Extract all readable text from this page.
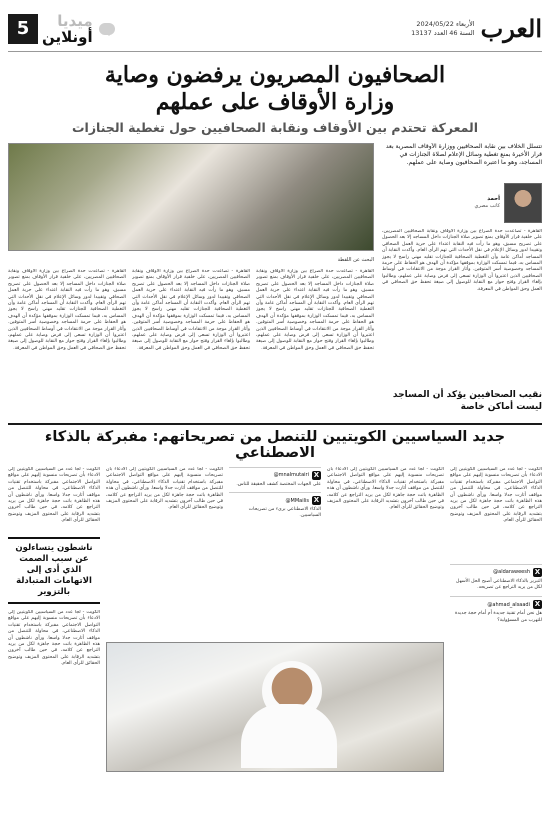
العرب
الأربعاء 2024/05/22
السنة 46 العدد 13137
ميديا
أونلاين
5
الصحافيون المصريون يرفضون وصاية
وزارة الأوقاف على عملهم
المعركة تحتدم بين الأوقاف ونقابة الصحافيين حول تغطية الجنازات
تتسلل الخلاف بين نقابة الصحافيين ووزارة الأوقاف المصرية بعد قرار الأخيرة بمنع تغطية وسائل الإعلام لصلاة الجنازات في المساجد، وهو ما اعتبره الصحافيون وصاية على عملهم.
أحمد
كاتب مصري
القاهرة - تصاعدت حدة الصراع بين وزارة الأوقاف ونقابة الصحافيين المصريين، على خلفية قرار الأوقاف بمنع تصوير صلاة الجنازات داخل المساجد إلا بعد الحصول على تصريح مسبق، وهو ما رأت فيه النقابة اعتداء على حرية العمل الصحافي وتقييدا لدور وسائل الإعلام في نقل الأحداث التي تهم الرأي العام. وأكدت النقابة أن المساجد أماكن عامة وأن التغطية الصحافية للجنازات تقليد مهني راسخ لا يجوز المساس به، فيما تمسكت الوزارة بموقفها مؤكدة أن الهدف هو الحفاظ على حرمة المساجد وخصوصية أسر المتوفين. وأثار القرار موجة من الانتقادات في أوساط الصحافيين الذين اعتبروا أن الوزارة تسعى إلى فرض وصاية على عملهم، وطالبوا بإلغاء القرار وفتح حوار مع النقابة للوصول إلى صيغة تحفظ حق الصحافي في العمل وحق المواطن في المعرفة.
نقيب الصحافيين يؤكد أن المساجد ليست أماكن خاصة
البحث عن اللقطة
القاهرة - تصاعدت حدة الصراع بين وزارة الأوقاف ونقابة الصحافيين المصريين، على خلفية قرار الأوقاف بمنع تصوير صلاة الجنازات داخل المساجد إلا بعد الحصول على تصريح مسبق، وهو ما رأت فيه النقابة اعتداء على حرية العمل الصحافي وتقييدا لدور وسائل الإعلام في نقل الأحداث التي تهم الرأي العام. وأكدت النقابة أن المساجد أماكن عامة وأن التغطية الصحافية للجنازات تقليد مهني راسخ لا يجوز المساس به، فيما تمسكت الوزارة بموقفها مؤكدة أن الهدف هو الحفاظ على حرمة المساجد وخصوصية أسر المتوفين. وأثار القرار موجة من الانتقادات في أوساط الصحافيين الذين اعتبروا أن الوزارة تسعى إلى فرض وصاية على عملهم، وطالبوا بإلغاء القرار وفتح حوار مع النقابة للوصول إلى صيغة تحفظ حق الصحافي في العمل وحق المواطن في المعرفة.
القاهرة - تصاعدت حدة الصراع بين وزارة الأوقاف ونقابة الصحافيين المصريين، على خلفية قرار الأوقاف بمنع تصوير صلاة الجنازات داخل المساجد إلا بعد الحصول على تصريح مسبق، وهو ما رأت فيه النقابة اعتداء على حرية العمل الصحافي وتقييدا لدور وسائل الإعلام في نقل الأحداث التي تهم الرأي العام. وأكدت النقابة أن المساجد أماكن عامة وأن التغطية الصحافية للجنازات تقليد مهني راسخ لا يجوز المساس به، فيما تمسكت الوزارة بموقفها مؤكدة أن الهدف هو الحفاظ على حرمة المساجد وخصوصية أسر المتوفين. وأثار القرار موجة من الانتقادات في أوساط الصحافيين الذين اعتبروا أن الوزارة تسعى إلى فرض وصاية على عملهم، وطالبوا بإلغاء القرار وفتح حوار مع النقابة للوصول إلى صيغة تحفظ حق الصحافي في العمل وحق المواطن في المعرفة.
القاهرة - تصاعدت حدة الصراع بين وزارة الأوقاف ونقابة الصحافيين المصريين، على خلفية قرار الأوقاف بمنع تصوير صلاة الجنازات داخل المساجد إلا بعد الحصول على تصريح مسبق، وهو ما رأت فيه النقابة اعتداء على حرية العمل الصحافي وتقييدا لدور وسائل الإعلام في نقل الأحداث التي تهم الرأي العام. وأكدت النقابة أن المساجد أماكن عامة وأن التغطية الصحافية للجنازات تقليد مهني راسخ لا يجوز المساس به، فيما تمسكت الوزارة بموقفها مؤكدة أن الهدف هو الحفاظ على حرمة المساجد وخصوصية أسر المتوفين. وأثار القرار موجة من الانتقادات في أوساط الصحافيين الذين اعتبروا أن الوزارة تسعى إلى فرض وصاية على عملهم، وطالبوا بإلغاء القرار وفتح حوار مع النقابة للوصول إلى صيغة تحفظ حق الصحافي في العمل وحق المواطن في المعرفة.
جديد السياسيين الكويتيين للتنصل من تصريحاتهم: مفبركة بالذكاء الاصطناعي
الكويت - لجأ عدد من السياسيين الكويتيين إلى الادعاء بأن تصريحات منسوبة إليهم على مواقع التواصل الاجتماعي مفبركة باستخدام تقنيات الذكاء الاصطناعي، في محاولة للتنصل من مواقف أثارت جدلا واسعا. ورأى ناشطون أن هذه الظاهرة باتت حجة جاهزة لكل من يريد التراجع عن كلامه، في حين طالب آخرون بتشديد الرقابة على المحتوى المزيف وتوضيح الحقائق للرأي العام.
X
@aldaraweesh
التبرير بالذكاء الاصطناعي أصبح الحل الأسهل لكل من يريد التراجع عن تصريحه.
X
@ahmad_alsaadi
هل نحن أمام تقنية جديدة أم أمام حجة جديدة للتهرب من المسؤولية؟
الكويت - لجأ عدد من السياسيين الكويتيين إلى الادعاء بأن تصريحات منسوبة إليهم على مواقع التواصل الاجتماعي مفبركة باستخدام تقنيات الذكاء الاصطناعي، في محاولة للتنصل من مواقف أثارت جدلا واسعا. ورأى ناشطون أن هذه الظاهرة باتت حجة جاهزة لكل من يريد التراجع عن كلامه، في حين طالب آخرون بتشديد الرقابة على المحتوى المزيف وتوضيح الحقائق للرأي العام.
X
@mnalmutairi
على الجهات المختصة كشف الحقيقة للناس.
X
@MMailis
الذكاء الاصطناعي بريء من تصريحات السياسيين.
الكويت - لجأ عدد من السياسيين الكويتيين إلى الادعاء بأن تصريحات منسوبة إليهم على مواقع التواصل الاجتماعي مفبركة باستخدام تقنيات الذكاء الاصطناعي، في محاولة للتنصل من مواقف أثارت جدلا واسعا. ورأى ناشطون أن هذه الظاهرة باتت حجة جاهزة لكل من يريد التراجع عن كلامه، في حين طالب آخرون بتشديد الرقابة على المحتوى المزيف وتوضيح الحقائق للرأي العام.
الكويت - لجأ عدد من السياسيين الكويتيين إلى الادعاء بأن تصريحات منسوبة إليهم على مواقع التواصل الاجتماعي مفبركة باستخدام تقنيات الذكاء الاصطناعي، في محاولة للتنصل من مواقف أثارت جدلا واسعا. ورأى ناشطون أن هذه الظاهرة باتت حجة جاهزة لكل من يريد التراجع عن كلامه، في حين طالب آخرون بتشديد الرقابة على المحتوى المزيف وتوضيح الحقائق للرأي العام.
ناشطون يتساءلون عن سبب الصمت الذي أدى إلى الاتهامات المتبادلة بالتزوير
الكويت - لجأ عدد من السياسيين الكويتيين إلى الادعاء بأن تصريحات منسوبة إليهم على مواقع التواصل الاجتماعي مفبركة باستخدام تقنيات الذكاء الاصطناعي، في محاولة للتنصل من مواقف أثارت جدلا واسعا. ورأى ناشطون أن هذه الظاهرة باتت حجة جاهزة لكل من يريد التراجع عن كلامه، في حين طالب آخرون بتشديد الرقابة على المحتوى المزيف وتوضيح الحقائق للرأي العام.
